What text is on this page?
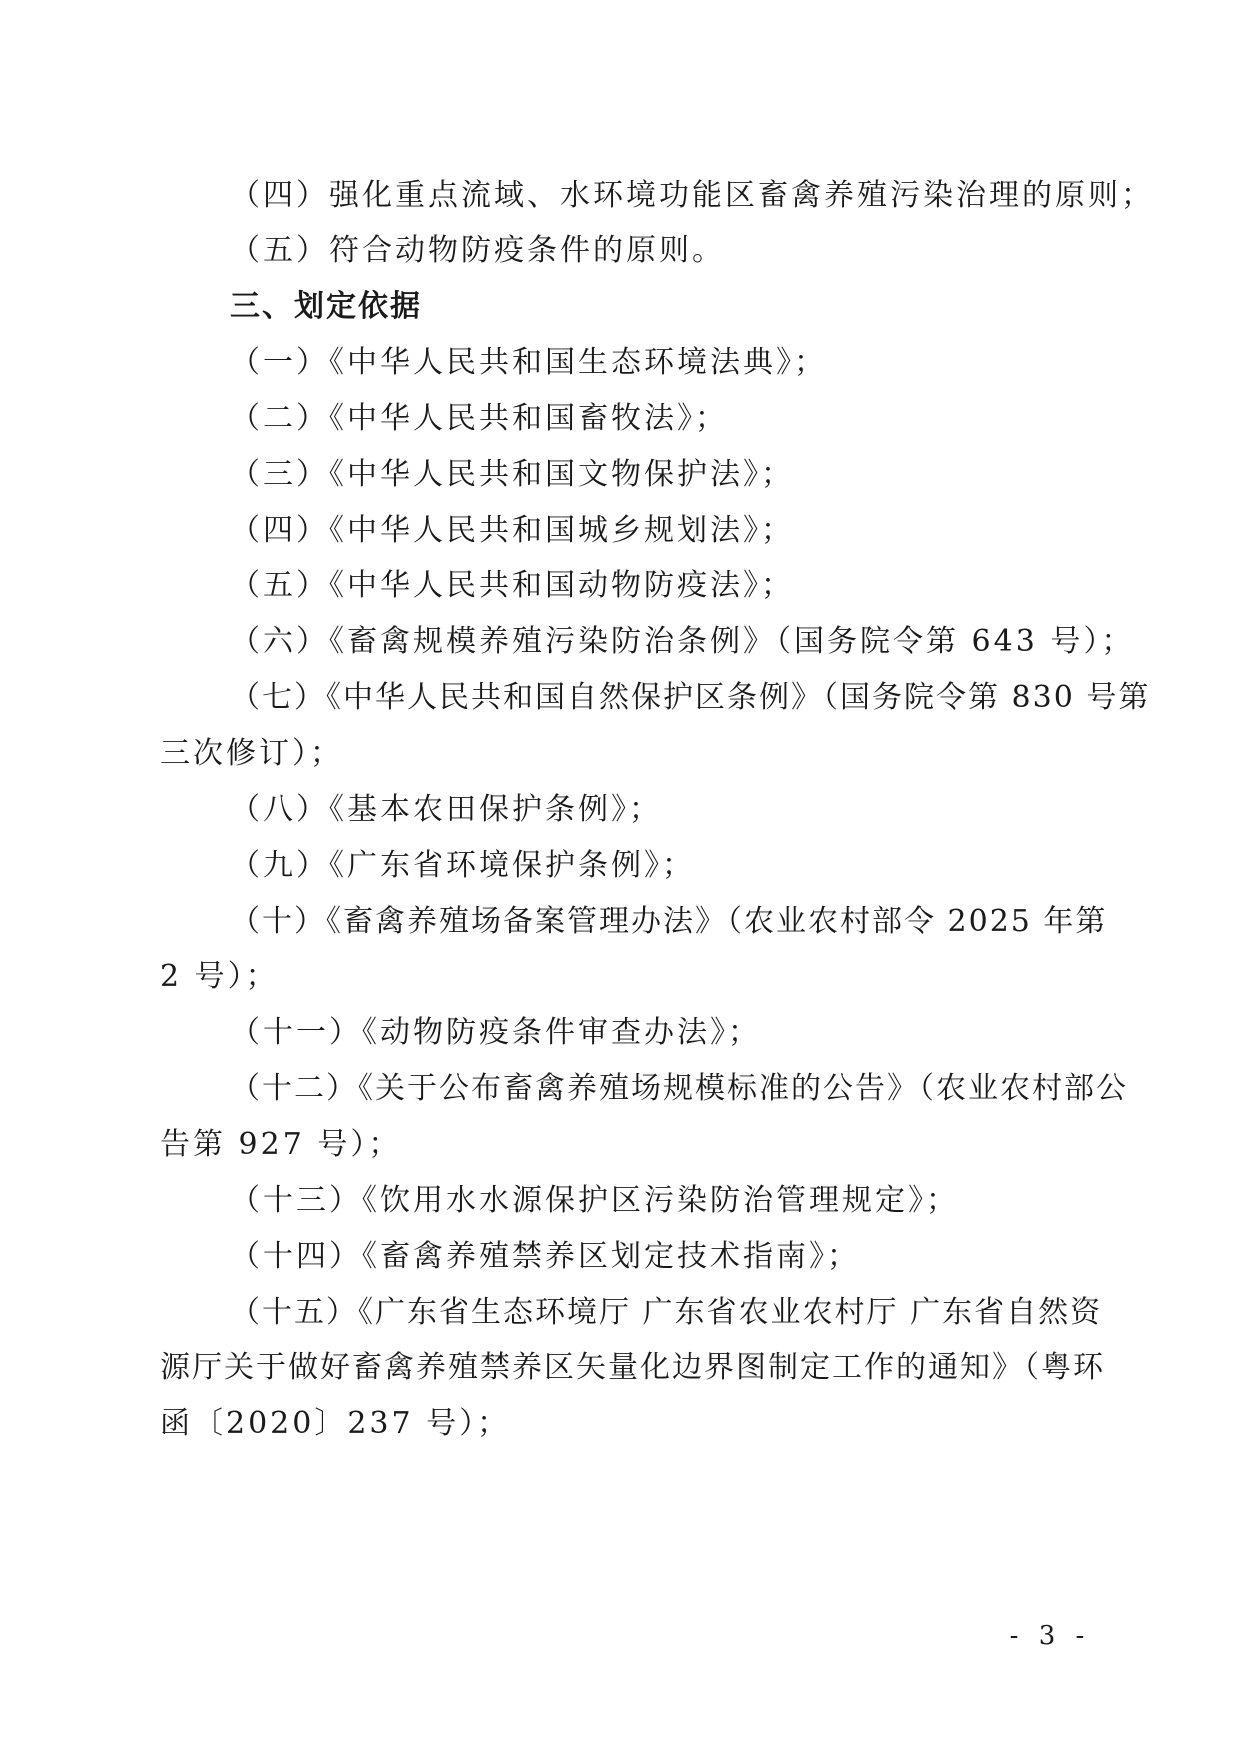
（四）强化重点流域、水环境功能区畜禽养殖污染治理的原则；
（五）符合动物防疫条件的原则。
三、划定依据
（一）《中华人民共和国生态环境法典》；
（二）《中华人民共和国畜牧法》；
（三）《中华人民共和国文物保护法》；
（四）《中华人民共和国城乡规划法》；
（五）《中华人民共和国动物防疫法》；
（六）《畜禽规模养殖污染防治条例》（国务院令第 643 号）；
（七）《中华人民共和国自然保护区条例》（国务院令第 830 号第
三次修订）；
（八）《基本农田保护条例》；
（九）《广东省环境保护条例》；
（十）《畜禽养殖场备案管理办法》（农业农村部令 2025 年第
2 号）；
（十一）《动物防疫条件审查办法》；
（十二）《关于公布畜禽养殖场规模标准的公告》（农业农村部公
告第 927 号）；
（十三）《饮用水水源保护区污染防治管理规定》；
（十四）《畜禽养殖禁养区划定技术指南》；
（十五）《广东省生态环境厅 广东省农业农村厅 广东省自然资
源厅关于做好畜禽养殖禁养区矢量化边界图制定工作的通知》（粤环
函〔2020〕237 号）；
- 3 -
